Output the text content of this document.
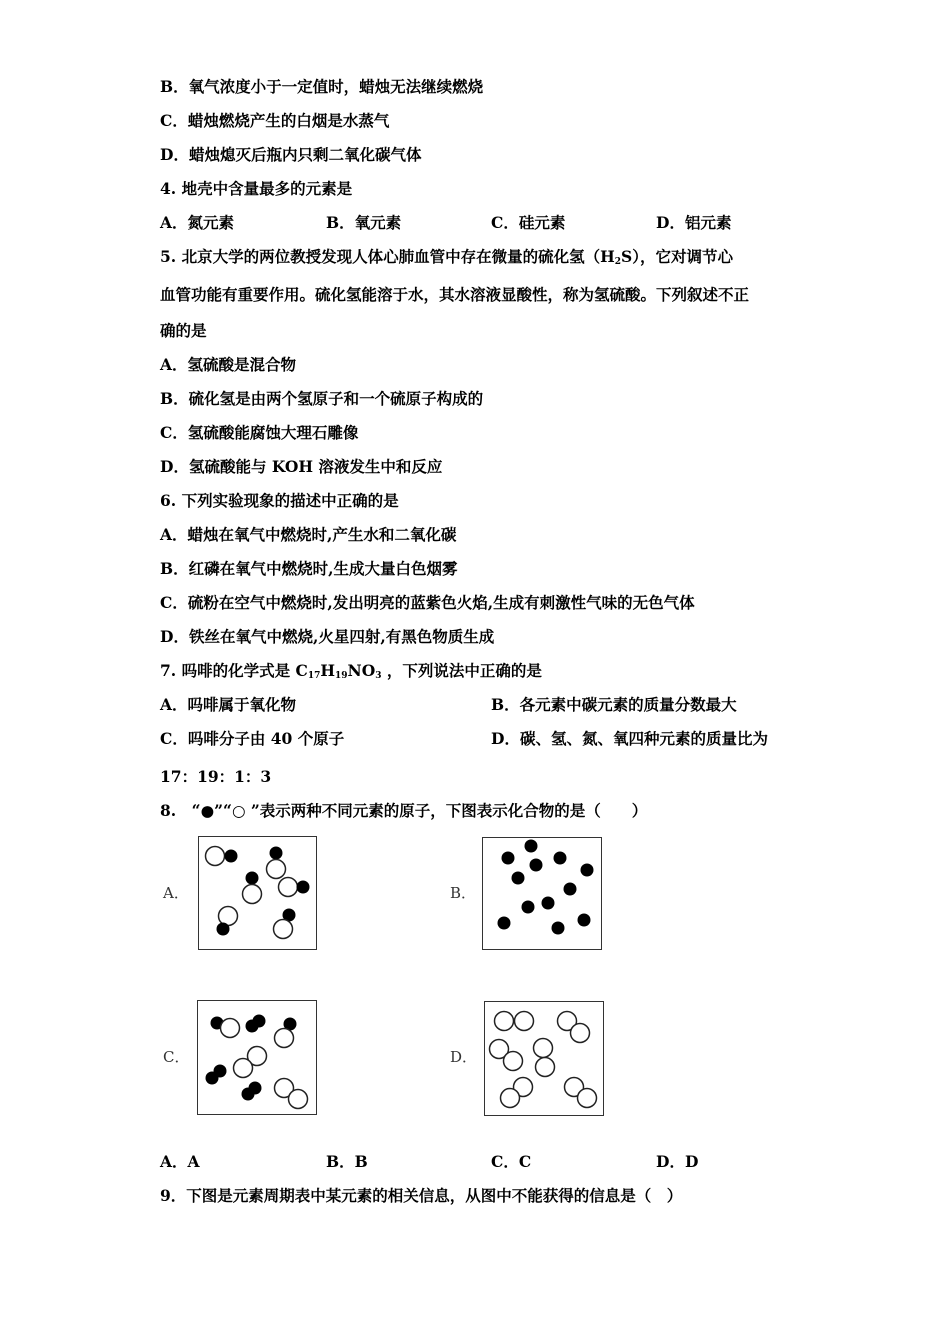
B．氧气浓度小于一定值时，蜡烛无法继续燃烧
C．蜡烛燃烧产生的白烟是水蒸气
D．蜡烛熄灭后瓶内只剩二氧化碳气体
4. 地壳中含量最多的元素是
A．氮元素	B．氧元素	C．硅元素	D．铝元素
5. 北京大学的两位教授发现人体心肺血管中存在微量的硫化氢$(H_2S)$，它对调节心
血管功能有重要作用。硫化氢能溶于水，其水溶液显酸性，称为氢硫酸。下列叙述不正
确的是
A．氢硫酸是混合物
B．硫化氢是由两个氢原子和一个硫原子构成的
C．氢硫酸能腐蚀大理石雕像
D．氢硫酸能与 KOH 溶液发生中和反应
6. 下列实验现象的描述中正确的是
A．蜡烛在氧气中燃烧时,产生水和二氧化碳
B．红磷在氧气中燃烧时,生成大量白色烟雾
C．硫粉在空气中燃烧时,发出明亮的蓝紫色火焰,生成有刺激性气味的无色气体
D．铁丝在氧气中燃烧,火星四射,有黑色物质生成
7. 吗啡的化学式是 $C_{17}H_{19}NO_3$ ，下列说法中正确的是
A．吗啡属于氧化物	B．各元素中碳元素的质量分数最大
C．吗啡分子由 40 个原子	D．碳、氢、氮、氧四种元素的质量比为
17：19：1：3
8.　“●”“○ ”表示两种不同元素的原子，下图表示化合物的是（　　）
A．	B．
C．	D．
A．A	B．B	C．C	D．D
9．下图是元素周期表中某元素的相关信息，从图中不能获得的信息是（　）
